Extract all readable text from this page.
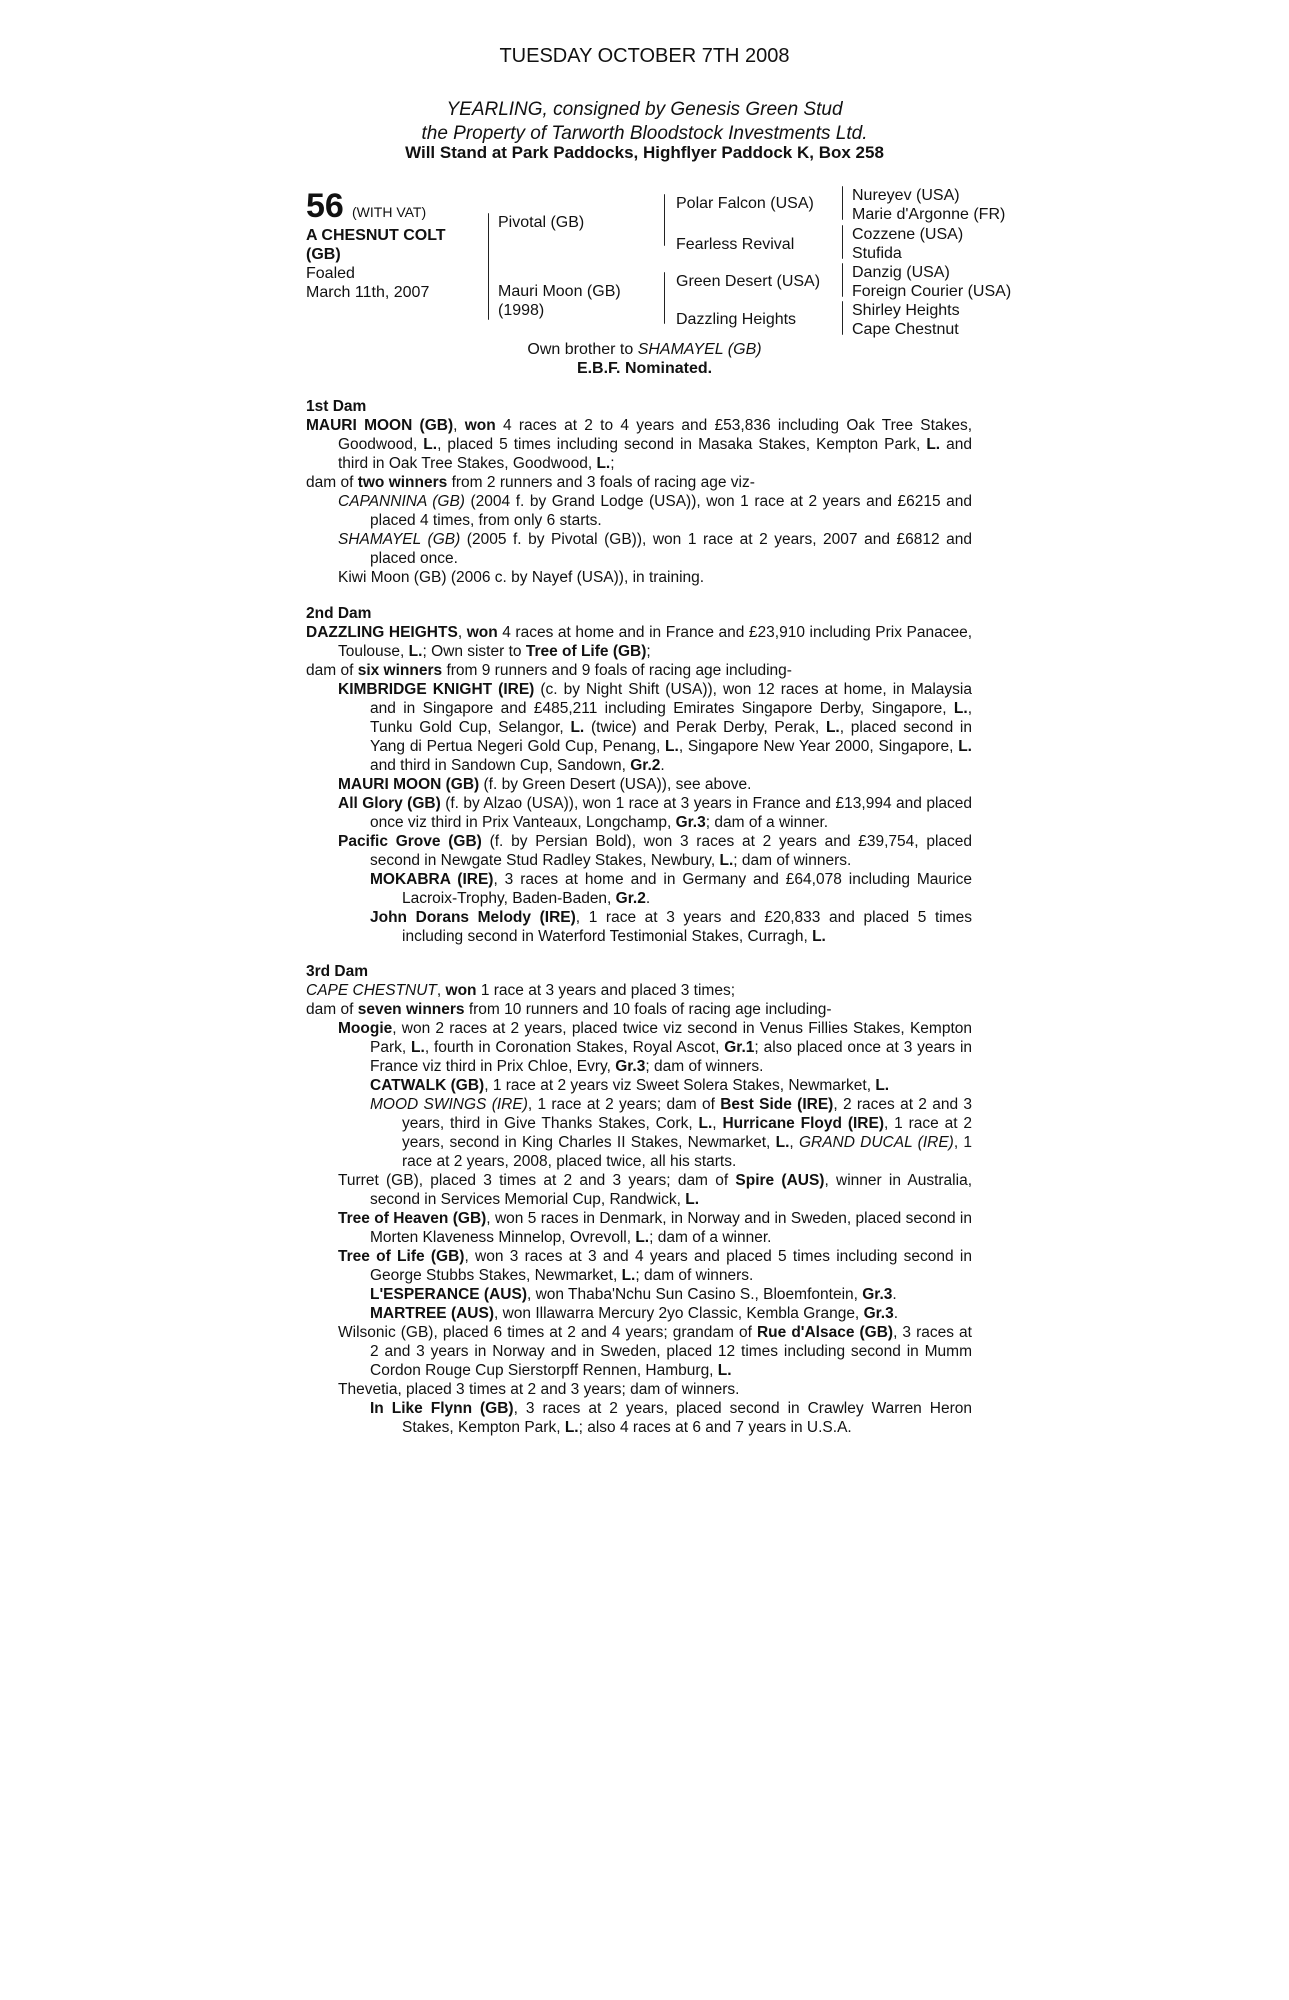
TUESDAY OCTOBER 7TH 2008
YEARLING, consigned by Genesis Green Stud
the Property of Tarworth Bloodstock Investments Ltd.
Will Stand at Park Paddocks, Highflyer Paddock K, Box 258
56 (WITH VAT)
A CHESNUT COLT
(GB)
Foaled
March 11th, 2007
Pivotal (GB)
Mauri Moon (GB)
(1998)
Polar Falcon (USA)
Fearless Revival
Green Desert (USA)
Dazzling Heights
Nureyev (USA)
Marie d'Argonne (FR)
Cozzene (USA)
Stufida
Danzig (USA)
Foreign Courier (USA)
Shirley Heights
Cape Chestnut
Own brother to SHAMAYEL (GB)
E.B.F. Nominated.
1st Dam
MAURI MOON (GB), won 4 races at 2 to 4 years and £53,836 including Oak Tree Stakes, Goodwood, L., placed 5 times including second in Masaka Stakes, Kempton Park, L. and third in Oak Tree Stakes, Goodwood, L.;
dam of two winners from 2 runners and 3 foals of racing age viz-
CAPANNINA (GB) (2004 f. by Grand Lodge (USA)), won 1 race at 2 years and £6215 and placed 4 times, from only 6 starts.
SHAMAYEL (GB) (2005 f. by Pivotal (GB)), won 1 race at 2 years, 2007 and £6812 and placed once.
Kiwi Moon (GB) (2006 c. by Nayef (USA)), in training.
2nd Dam
DAZZLING HEIGHTS, won 4 races at home and in France and £23,910 including Prix Panacee, Toulouse, L.; Own sister to Tree of Life (GB);
dam of six winners from 9 runners and 9 foals of racing age including-
KIMBRIDGE KNIGHT (IRE) (c. by Night Shift (USA)), won 12 races at home, in Malaysia and in Singapore and £485,211 including Emirates Singapore Derby, Singapore, L., Tunku Gold Cup, Selangor, L. (twice) and Perak Derby, Perak, L., placed second in Yang di Pertua Negeri Gold Cup, Penang, L., Singapore New Year 2000, Singapore, L. and third in Sandown Cup, Sandown, Gr.2.
MAURI MOON (GB) (f. by Green Desert (USA)), see above.
All Glory (GB) (f. by Alzao (USA)), won 1 race at 3 years in France and £13,994 and placed once viz third in Prix Vanteaux, Longchamp, Gr.3; dam of a winner.
Pacific Grove (GB) (f. by Persian Bold), won 3 races at 2 years and £39,754, placed second in Newgate Stud Radley Stakes, Newbury, L.; dam of winners.
MOKABRA (IRE), 3 races at home and in Germany and £64,078 including Maurice Lacroix-Trophy, Baden-Baden, Gr.2.
John Dorans Melody (IRE), 1 race at 3 years and £20,833 and placed 5 times including second in Waterford Testimonial Stakes, Curragh, L.
3rd Dam
CAPE CHESTNUT, won 1 race at 3 years and placed 3 times;
dam of seven winners from 10 runners and 10 foals of racing age including-
Moogie, won 2 races at 2 years, placed twice viz second in Venus Fillies Stakes, Kempton Park, L., fourth in Coronation Stakes, Royal Ascot, Gr.1; also placed once at 3 years in France viz third in Prix Chloe, Evry, Gr.3; dam of winners.
CATWALK (GB), 1 race at 2 years viz Sweet Solera Stakes, Newmarket, L.
MOOD SWINGS (IRE), 1 race at 2 years; dam of Best Side (IRE), 2 races at 2 and 3 years, third in Give Thanks Stakes, Cork, L., Hurricane Floyd (IRE), 1 race at 2 years, second in King Charles II Stakes, Newmarket, L., GRAND DUCAL (IRE), 1 race at 2 years, 2008, placed twice, all his starts.
Turret (GB), placed 3 times at 2 and 3 years; dam of Spire (AUS), winner in Australia, second in Services Memorial Cup, Randwick, L.
Tree of Heaven (GB), won 5 races in Denmark, in Norway and in Sweden, placed second in Morten Klaveness Minnelop, Ovrevoll, L.; dam of a winner.
Tree of Life (GB), won 3 races at 3 and 4 years and placed 5 times including second in George Stubbs Stakes, Newmarket, L.; dam of winners.
L'ESPERANCE (AUS), won Thaba'Nchu Sun Casino S., Bloemfontein, Gr.3.
MARTREE (AUS), won Illawarra Mercury 2yo Classic, Kembla Grange, Gr.3.
Wilsonic (GB), placed 6 times at 2 and 4 years; grandam of Rue d'Alsace (GB), 3 races at 2 and 3 years in Norway and in Sweden, placed 12 times including second in Mumm Cordon Rouge Cup Sierstorpff Rennen, Hamburg, L.
Thevetia, placed 3 times at 2 and 3 years; dam of winners.
In Like Flynn (GB), 3 races at 2 years, placed second in Crawley Warren Heron Stakes, Kempton Park, L.; also 4 races at 6 and 7 years in U.S.A.
